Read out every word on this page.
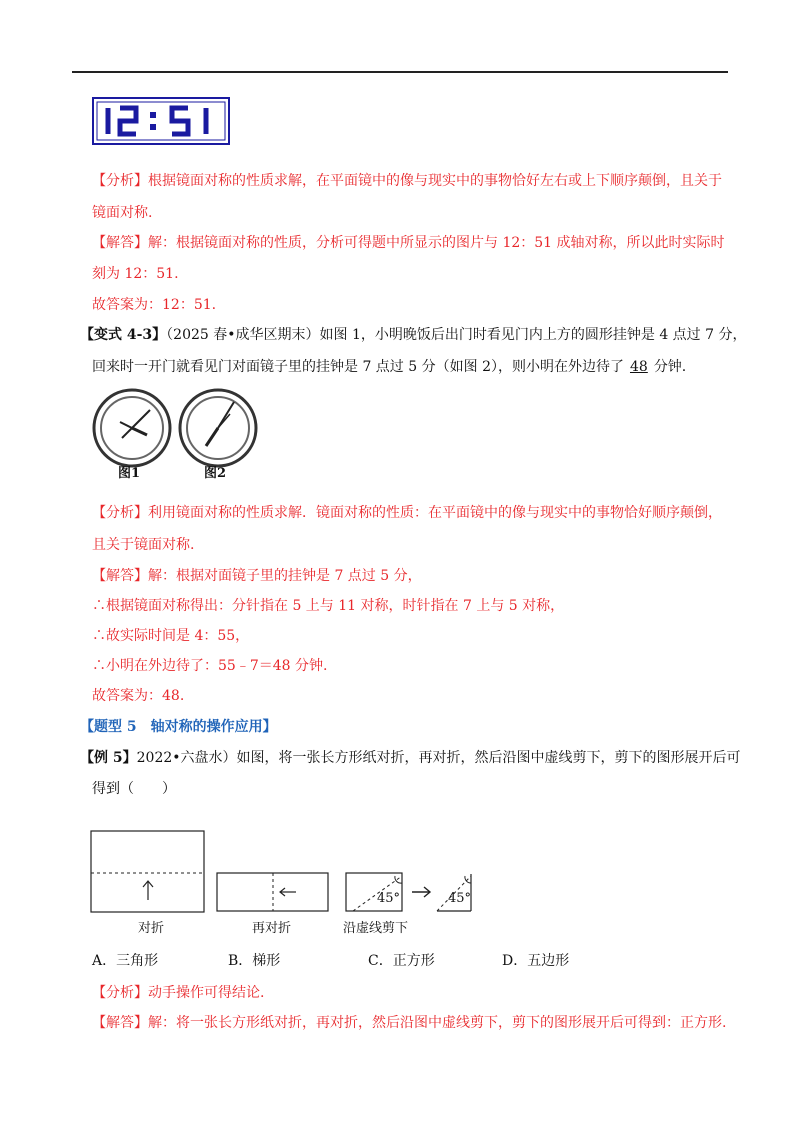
12:51
【分析】根据镜面对称的性质求解，在平面镜中的像与现实中的事物恰好左右或上下顺序颠倒，且关于
镜面对称.
【解答】解：根据镜面对称的性质，分析可得题中所显示的图片与 12：51 成轴对称，所以此时实际时
刻为 12：51.
故答案为：12：51.
【变式 4-3】（2025 春•成华区期末）如图 1，小明晚饭后出门时看见门内上方的圆形挂钟是 4 点过 7 分，
回来时一开门就看见门对面镜子里的挂钟是 7 点过 5 分（如图 2），则小明在外边待了 48 分钟.
图1	图2
【分析】利用镜面对称的性质求解．镜面对称的性质：在平面镜中的像与现实中的事物恰好顺序颠倒，
且关于镜面对称.
【解答】解：根据对面镜子里的挂钟是 7 点过 5 分，
∴根据镜面对称得出：分针指在 5 上与 11 对称，时针指在 7 上与 5 对称，
∴故实际时间是 4：55，
∴小明在外边待了：55﹣7＝48 分钟.
故答案为：48.
【题型 5　轴对称的操作应用】
【例 5】2022•六盘水）如图，将一张长方形纸对折，再对折，然后沿图中虚线剪下，剪下的图形展开后可
得到（　　）
45°	45°
对折	再对折	沿虚线剪下
A．三角形	B．梯形	C．正方形	D．五边形
【分析】动手操作可得结论.
【解答】解：将一张长方形纸对折，再对折，然后沿图中虚线剪下，剪下的图形展开后可得到：正方形.
